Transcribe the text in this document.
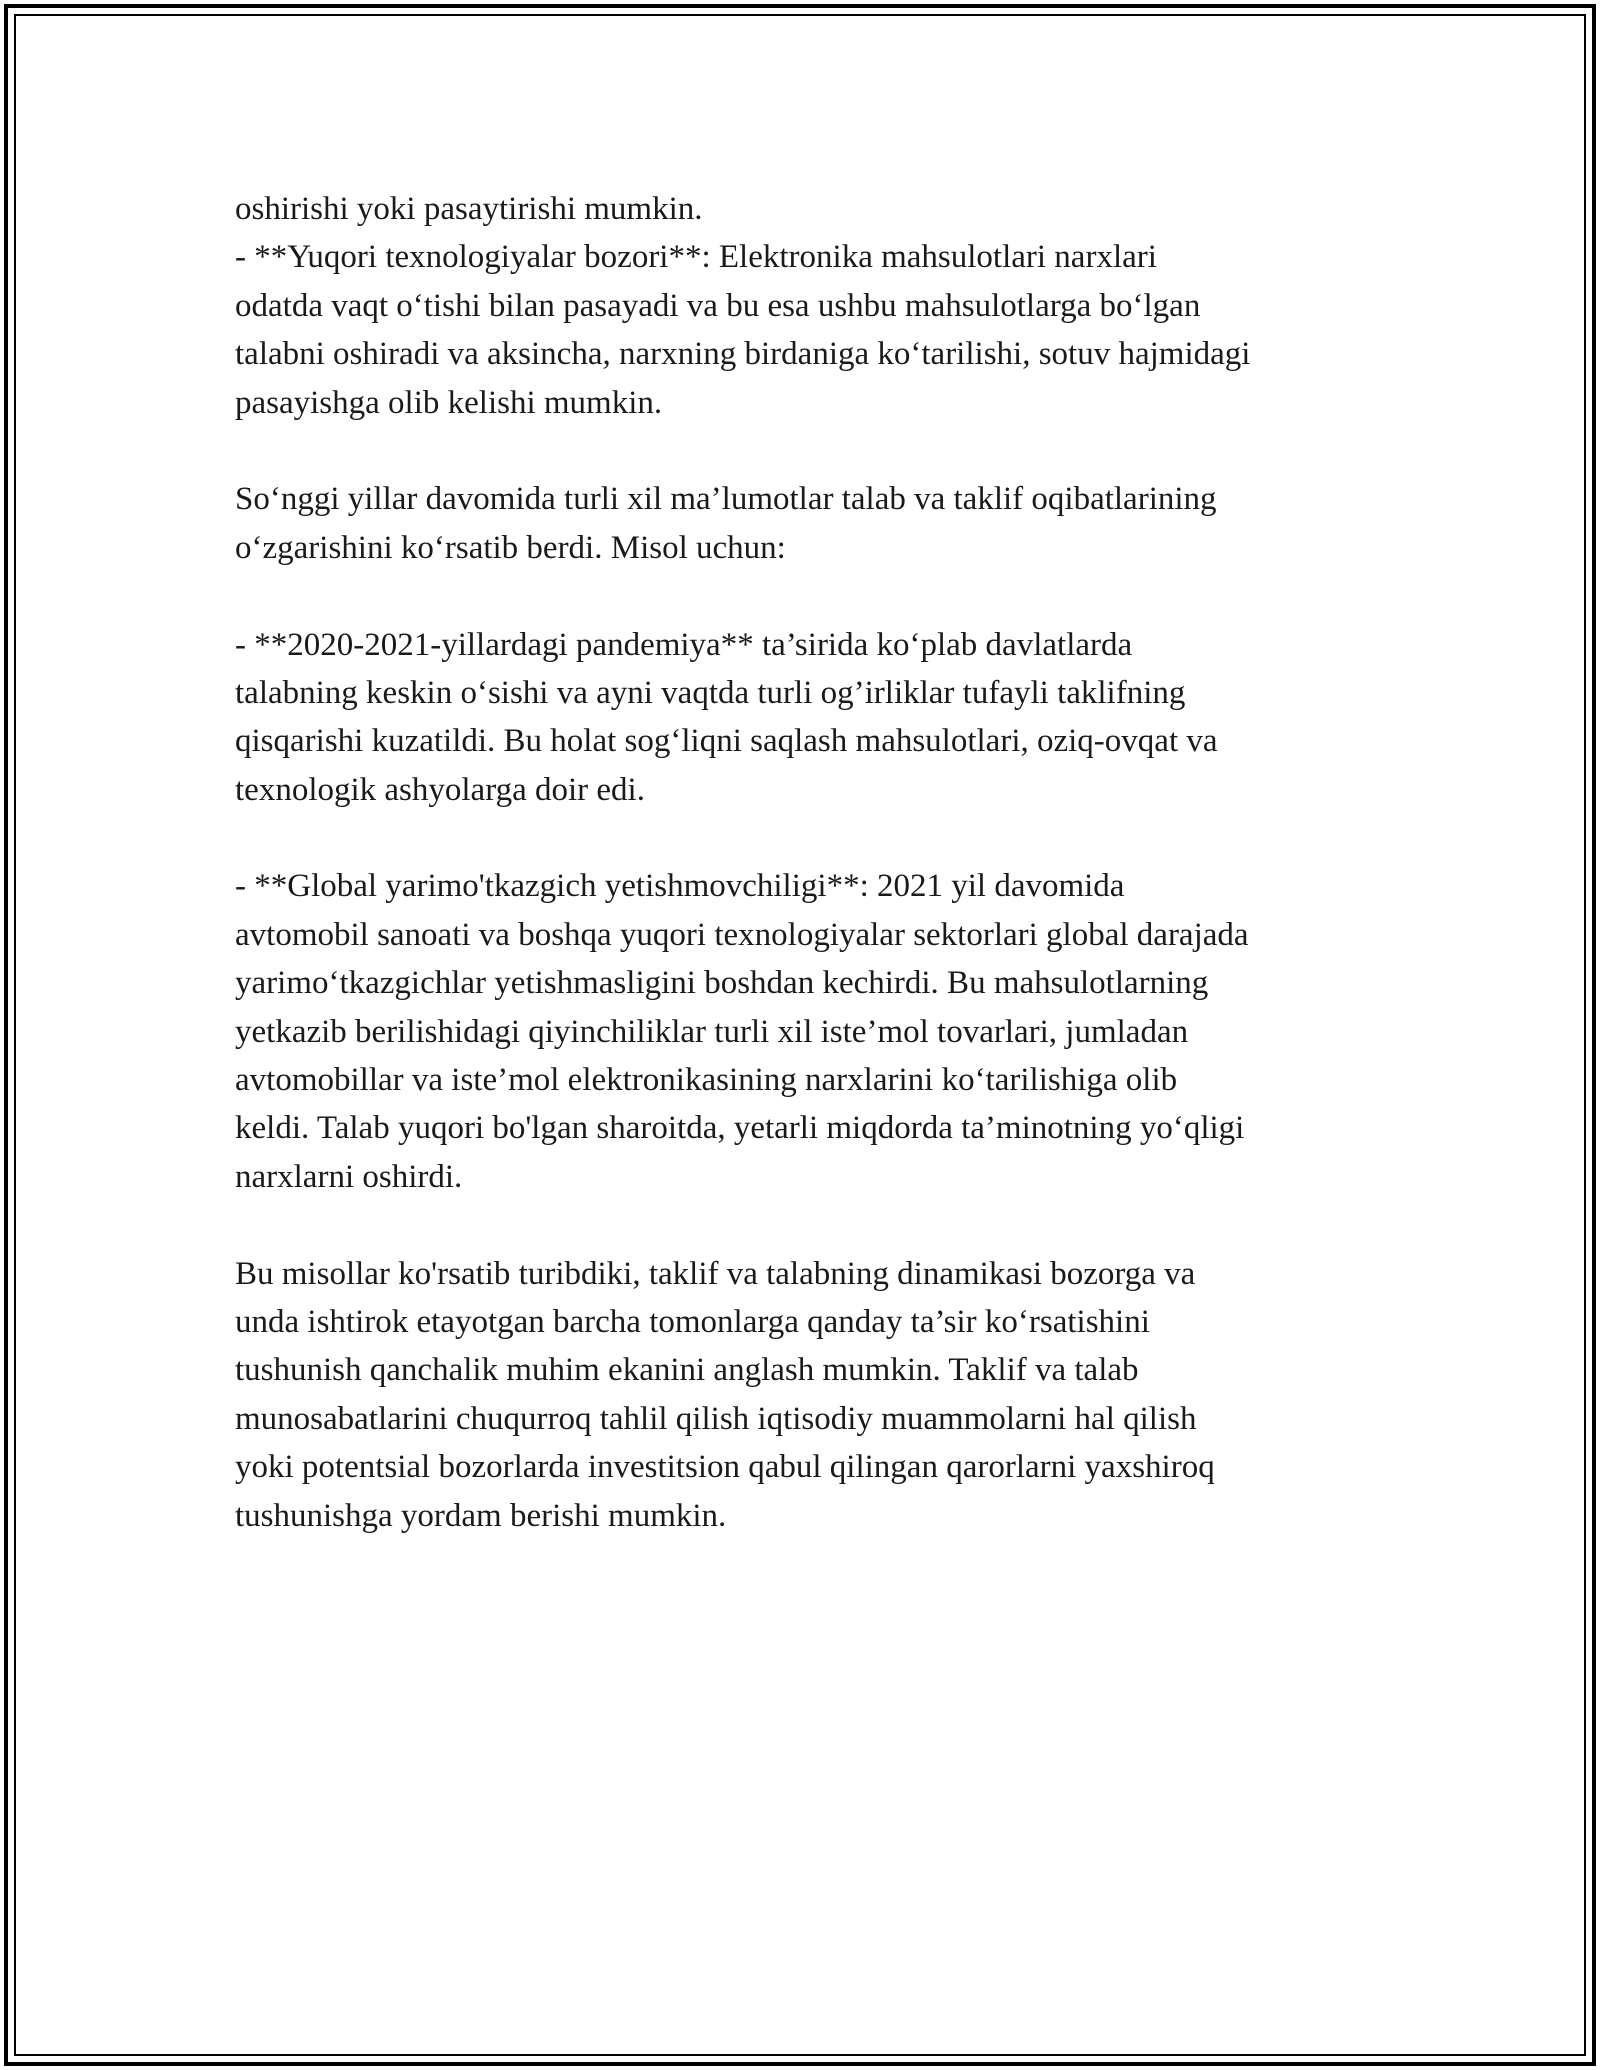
oshirishi yoki pasaytirishi mumkin.
- **Yuqori texnologiyalar bozori**: Elektronika mahsulotlari narxlari
odatda vaqt o‘tishi bilan pasayadi va bu esa ushbu mahsulotlarga bo‘lgan
talabni oshiradi va aksincha, narxning birdaniga ko‘tarilishi, sotuv hajmidagi
pasayishga olib kelishi mumkin.
So‘nggi yillar davomida turli xil ma’lumotlar talab va taklif oqibatlarining
o‘zgarishini ko‘rsatib berdi. Misol uchun:
- **2020-2021-yillardagi pandemiya** ta’sirida ko‘plab davlatlarda
talabning keskin o‘sishi va ayni vaqtda turli og’irliklar tufayli taklifning
qisqarishi kuzatildi. Bu holat sog‘liqni saqlash mahsulotlari, oziq-ovqat va
texnologik ashyolarga doir edi.
- **Global yarimo'tkazgich yetishmovchiligi**: 2021 yil davomida
avtomobil sanoati va boshqa yuqori texnologiyalar sektorlari global darajada
yarimo‘tkazgichlar yetishmasligini boshdan kechirdi. Bu mahsulotlarning
yetkazib berilishidagi qiyinchiliklar turli xil iste’mol tovarlari, jumladan
avtomobillar va iste’mol elektronikasining narxlarini ko‘tarilishiga olib
keldi. Talab yuqori bo'lgan sharoitda, yetarli miqdorda ta’minotning yo‘qligi
narxlarni oshirdi.
Bu misollar ko'rsatib turibdiki, taklif va talabning dinamikasi bozorga va
unda ishtirok etayotgan barcha tomonlarga qanday ta’sir ko‘rsatishini
tushunish qanchalik muhim ekanini anglash mumkin. Taklif va talab
munosabatlarini chuqurroq tahlil qilish iqtisodiy muammolarni hal qilish
yoki potentsial bozorlarda investitsion qabul qilingan qarorlarni yaxshiroq
tushunishga yordam berishi mumkin.
